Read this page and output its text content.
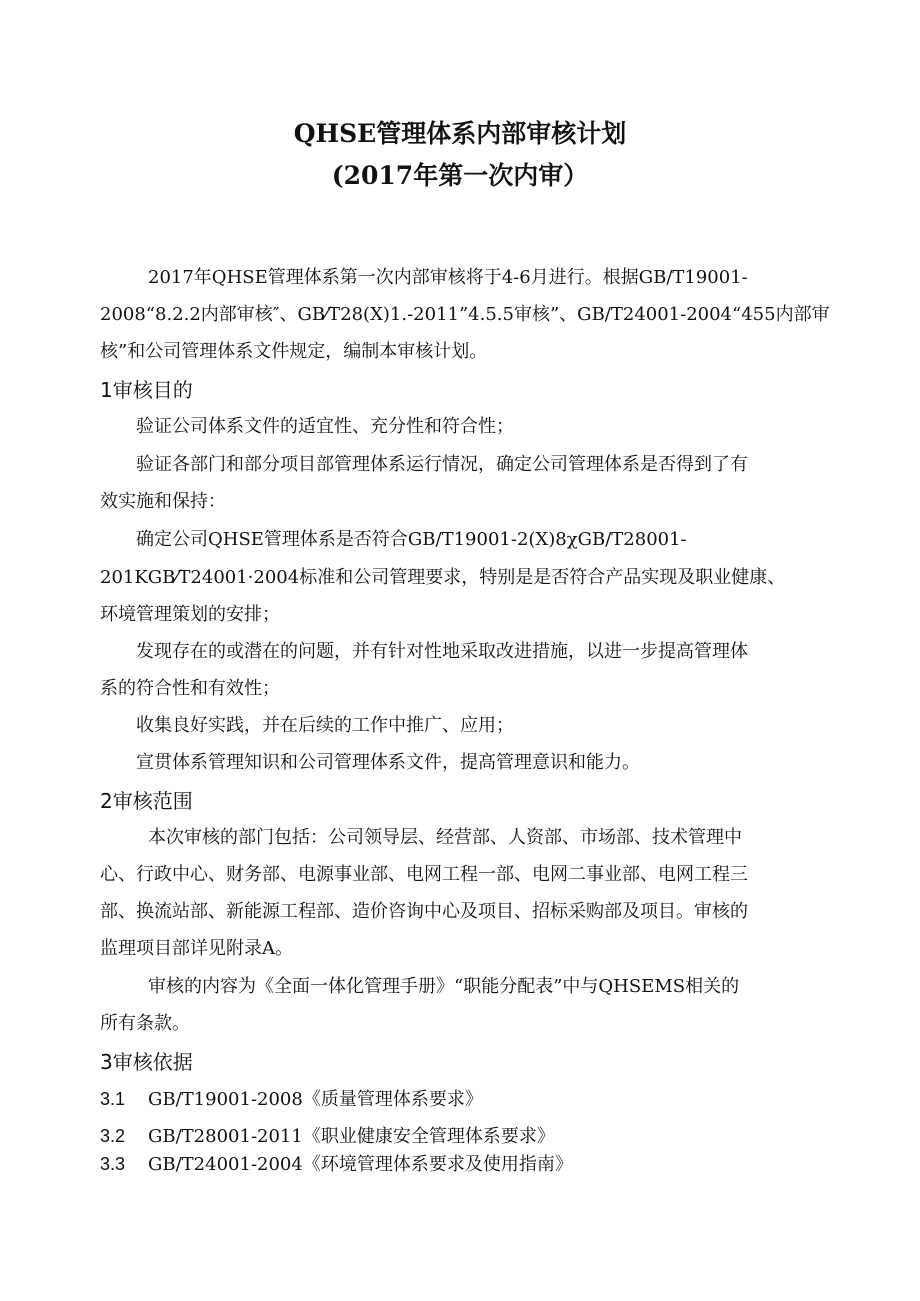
QHSE管理体系内部审核计划
(2017年第一次内审）
2017年QHSE管理体系第一次内部审核将于4-6月进行。根据GB/T19001-
2008“8.2.2内部审核″、GB⁄T28(X)1.-2011”4.5.5审核”、GB/T24001-2004“455内部审
核”和公司管理体系文件规定，编制本审核计划。
1审核目的
验证公司体系文件的适宜性、充分性和符合性；
验证各部门和部分项目部管理体系运行情况，确定公司管理体系是否得到了有
效实施和保持：
确定公司QHSE管理体系是否符合GB/T19001-2(X)8χGB/T28001-
201KGB⁄T24001·2004标准和公司管理要求，特别是是否符合产品实现及职业健康、
环境管理策划的安排；
发现存在的或潜在的问题，并有针对性地采取改进措施，以进一步提高管理体
系的符合性和有效性；
收集良好实践，并在后续的工作中推广、应用；
宣贯体系管理知识和公司管理体系文件，提高管理意识和能力。
2审核范围
本次审核的部门包括：公司领导层、经营部、人资部、市场部、技术管理中
心、行政中心、财务部、电源事业部、电网工程一部、电网二事业部、电网工程三
部、换流站部、新能源工程部、造价咨询中心及项目、招标采购部及项目。审核的
监理项目部详见附录A。
审核的内容为《全面一体化管理手册》“职能分配表”中与QHSEMS相关的
所有条款。
3审核依据
3.1 GB/T19001-2008《质量管理体系要求》
3.2 GB/T28001-2011《职业健康安全管理体系要求》
3.3 GB/T24001-2004《环境管理体系要求及使用指南》
